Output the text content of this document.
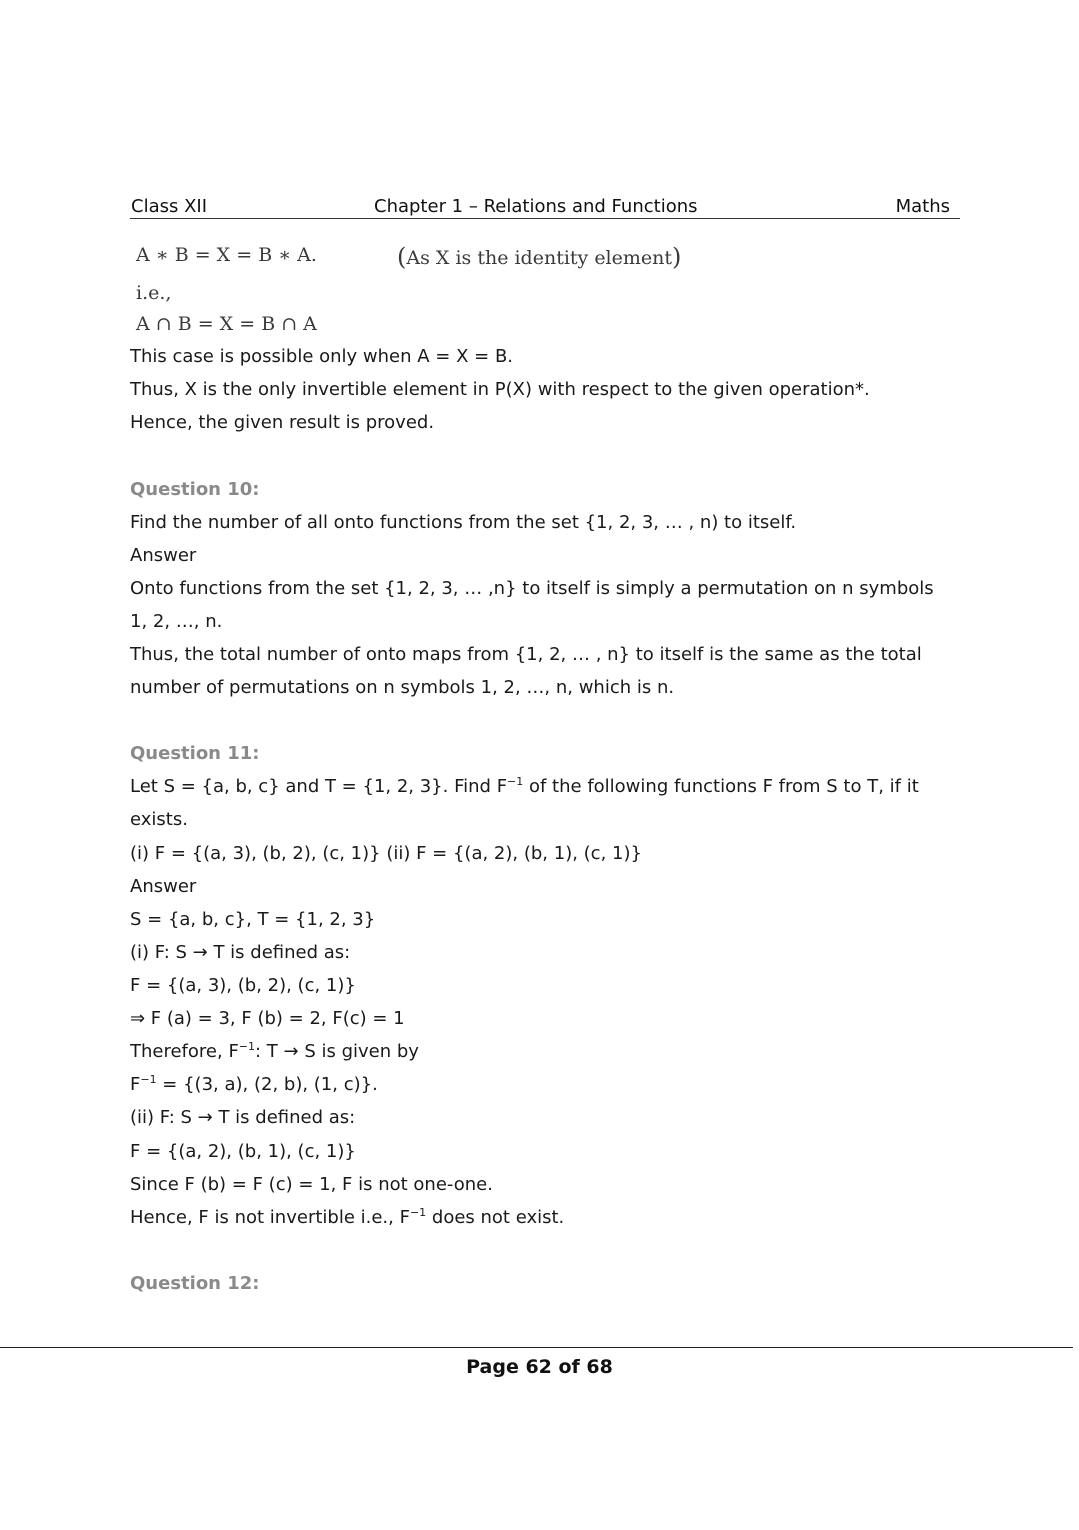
Class XII	Chapter 1 – Relations and Functions	Maths
A ∗ B = X = B ∗ A.	(As X is the identity element)
i.e.,
A ∩ B = X = B ∩ A
This case is possible only when A = X = B.
Thus, X is the only invertible element in P(X) with respect to the given operation*.
Hence, the given result is proved.
Question 10:
Find the number of all onto functions from the set {1, 2, 3, … , n) to itself.
Answer
Onto functions from the set {1, 2, 3, … ,n} to itself is simply a permutation on n symbols
1, 2, …, n.
Thus, the total number of onto maps from {1, 2, … , n} to itself is the same as the total
number of permutations on n symbols 1, 2, …, n, which is n.
Question 11:
Let S = {a, b, c} and T = {1, 2, 3}. Find $F^{-1}$ of the following functions F from S to T, if it
exists.
(i) F = {(a, 3), (b, 2), (c, 1)} (ii) F = {(a, 2), (b, 1), (c, 1)}
Answer
S = {a, b, c}, T = {1, 2, 3}
(i) F: S → T is defined as:
F = {(a, 3), (b, 2), (c, 1)}
⇒ F (a) = 3, F (b) = 2, F(c) = 1
Therefore, $F^{-1}$: T → S is given by
$F^{-1} = \{(3$, a), (2, b), (1, c)}.
(ii) F: S → T is defined as:
F = {(a, 2), (b, 1), (c, 1)}
Since F (b) = F (c) = 1, F is not one-one.
Hence, F is not invertible i.e., $F^{-1}$ does not exist.
Question 12:
Page 62 of 68
